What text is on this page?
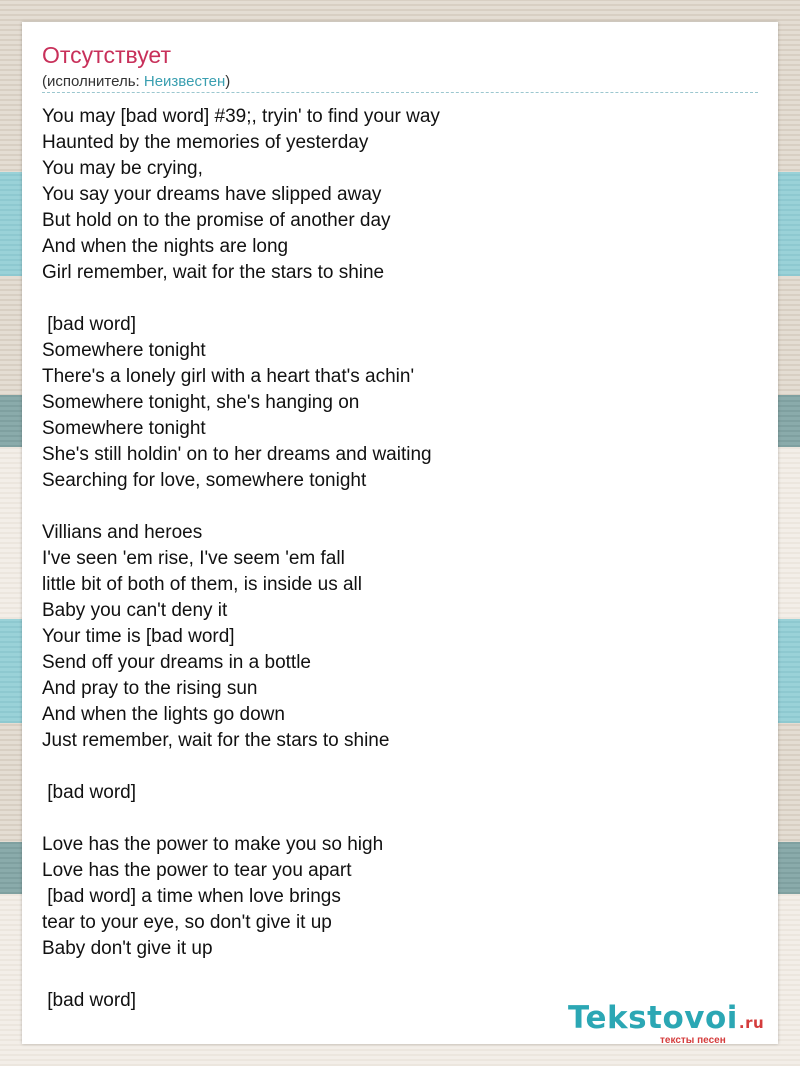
Отсутствует
(исполнитель: Неизвестен)
You may [bad word] #39;, tryin' to find your way
Haunted by the memories of yesterday
You may be crying,
You say your dreams have slipped away
But hold on to the promise of another day
And when the nights are long
Girl remember, wait for the stars to shine

[bad word]
Somewhere tonight
There's a lonely girl with a heart that's achin'
Somewhere tonight, she's hanging on
Somewhere tonight
She's still holdin' on to her dreams and waiting
Searching for love, somewhere tonight

Villians and heroes
I've seen 'em rise, I've seem 'em fall
little bit of both of them, is inside us all
Baby you can't deny it
Your time is [bad word]
Send off your dreams in a bottle
And pray to the rising sun
And when the lights go down
Just remember, wait for the stars to shine

[bad word]

Love has the power to make you so high
Love has the power to tear you apart
[bad word] a time when love brings
tear to your eye, so don't give it up
Baby don't give it up

[bad word]	Tekstovoi.ru
тексты песен
